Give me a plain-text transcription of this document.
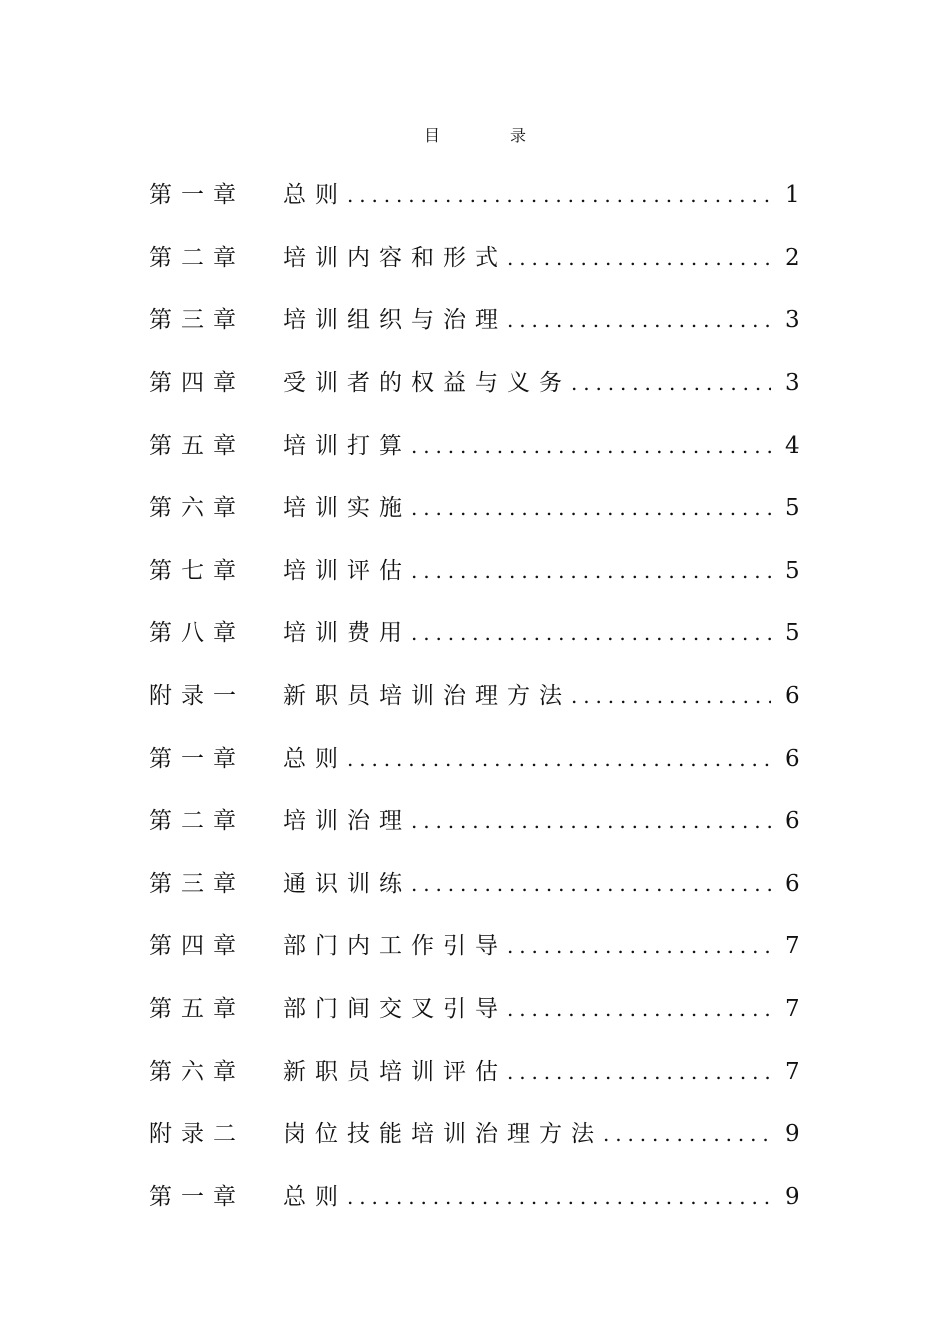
目录
第一章	总则 .....	1
第二章	培训内容和形式 .....	2
第三章	培训组织与治理 .....	3
第四章	受训者的权益与义务 .....	3
第五章	培训打算 .....	4
第六章	培训实施 .....	5
第七章	培训评估 .....	5
第八章	培训费用 .....	5
附录一	新职员培训治理方法 .....	6
第一章	总则 .....	6
第二章	培训治理 .....	6
第三章	通识训练 .....	6
第四章	部门内工作引导 .....	7
第五章	部门间交叉引导 .....	7
第六章	新职员培训评估 .....	7
附录二	岗位技能培训治理方法 .....	9
第一章	总则 .....	9
